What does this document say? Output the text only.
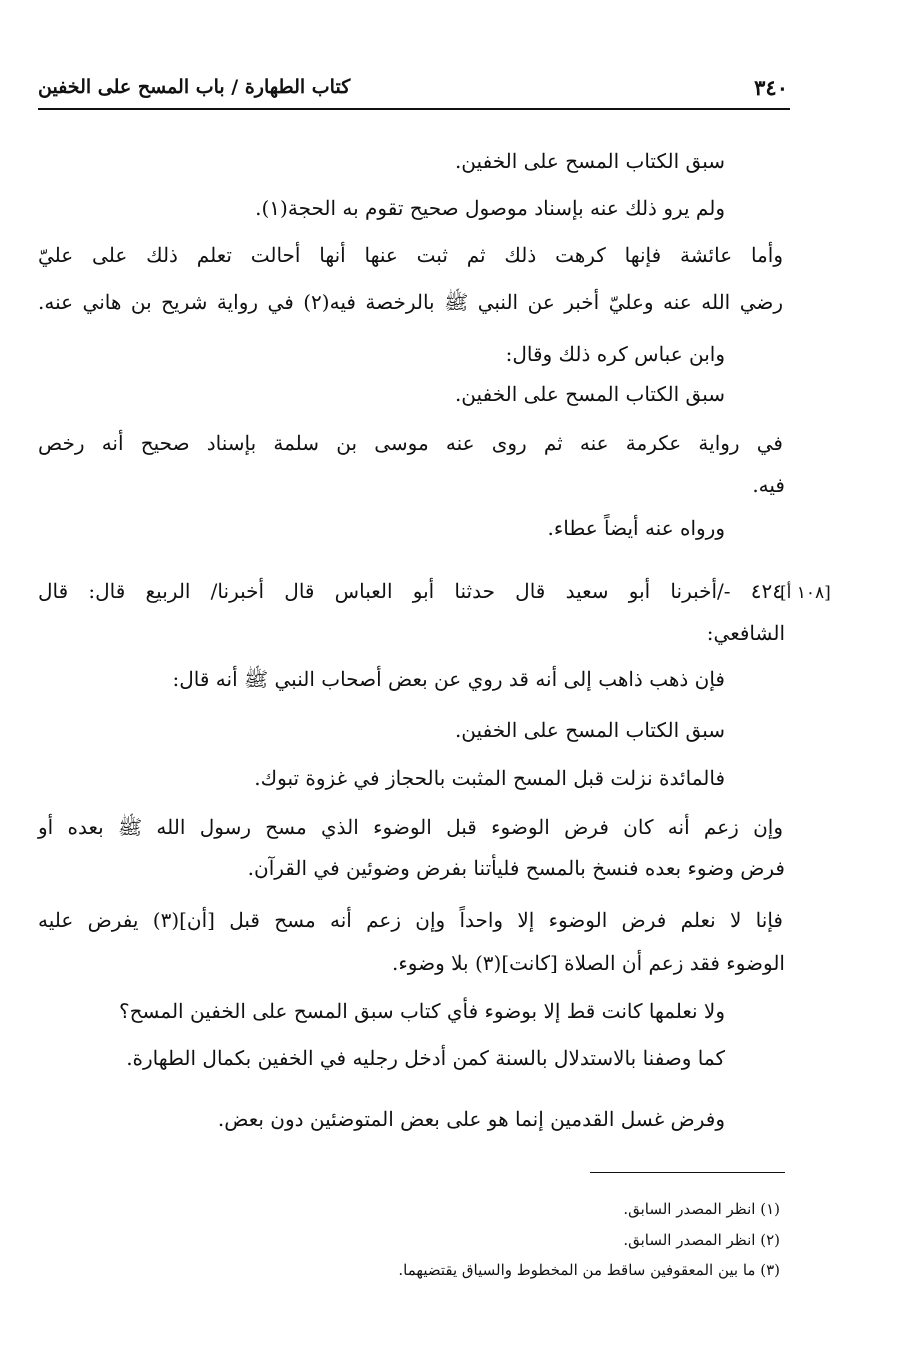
٣٤٠
كتاب الطهارة / باب المسح على الخفين
سبق الكتاب المسح على الخفين.
ولم يرو ذلك عنه بإسناد موصول صحيح تقوم به الحجة(١).
وأما عائشة فإنها كرهت ذلك ثم ثبت عنها أنها أحالت تعلم ذلك على عليّ
رضي الله عنه وعليّ أخبر عن النبي ﷺ بالرخصة فيه(٢) في رواية شريح بن هاني عنه.
وابن عباس كره ذلك وقال:
سبق الكتاب المسح على الخفين.
في رواية عكرمة عنه ثم روى عنه موسى بن سلمة بإسناد صحيح أنه رخص
فيه.
ورواه عنه أيضاً عطاء.
[١٠٨ أ]
٤٢٤ -/أخبرنا أبو سعيد قال حدثنا أبو العباس قال أخبرنا/ الربيع قال: قال
الشافعي:
فإن ذهب ذاهب إلى أنه قد روي عن بعض أصحاب النبي ﷺ أنه قال:
سبق الكتاب المسح على الخفين.
فالمائدة نزلت قبل المسح المثبت بالحجاز في غزوة تبوك.
وإن زعم أنه كان فرض الوضوء قبل الوضوء الذي مسح رسول الله ﷺ بعده أو
فرض وضوء بعده فنسخ بالمسح فليأتنا بفرض وضوئين في القرآن.
فإنا لا نعلم فرض الوضوء إلا واحداً وإن زعم أنه مسح قبل [أن](٣) يفرض عليه
الوضوء فقد زعم أن الصلاة [كانت](٣) بلا وضوء.
ولا نعلمها كانت قط إلا بوضوء فأي كتاب سبق المسح على الخفين المسح؟
كما وصفنا بالاستدلال بالسنة كمن أدخل رجليه في الخفين بكمال الطهارة.
وفرض غسل القدمين إنما هو على بعض المتوضئين دون بعض.
(١) انظر المصدر السابق.
(٢) انظر المصدر السابق.
(٣) ما بين المعقوفين ساقط من المخطوط والسياق يقتضيهما.
